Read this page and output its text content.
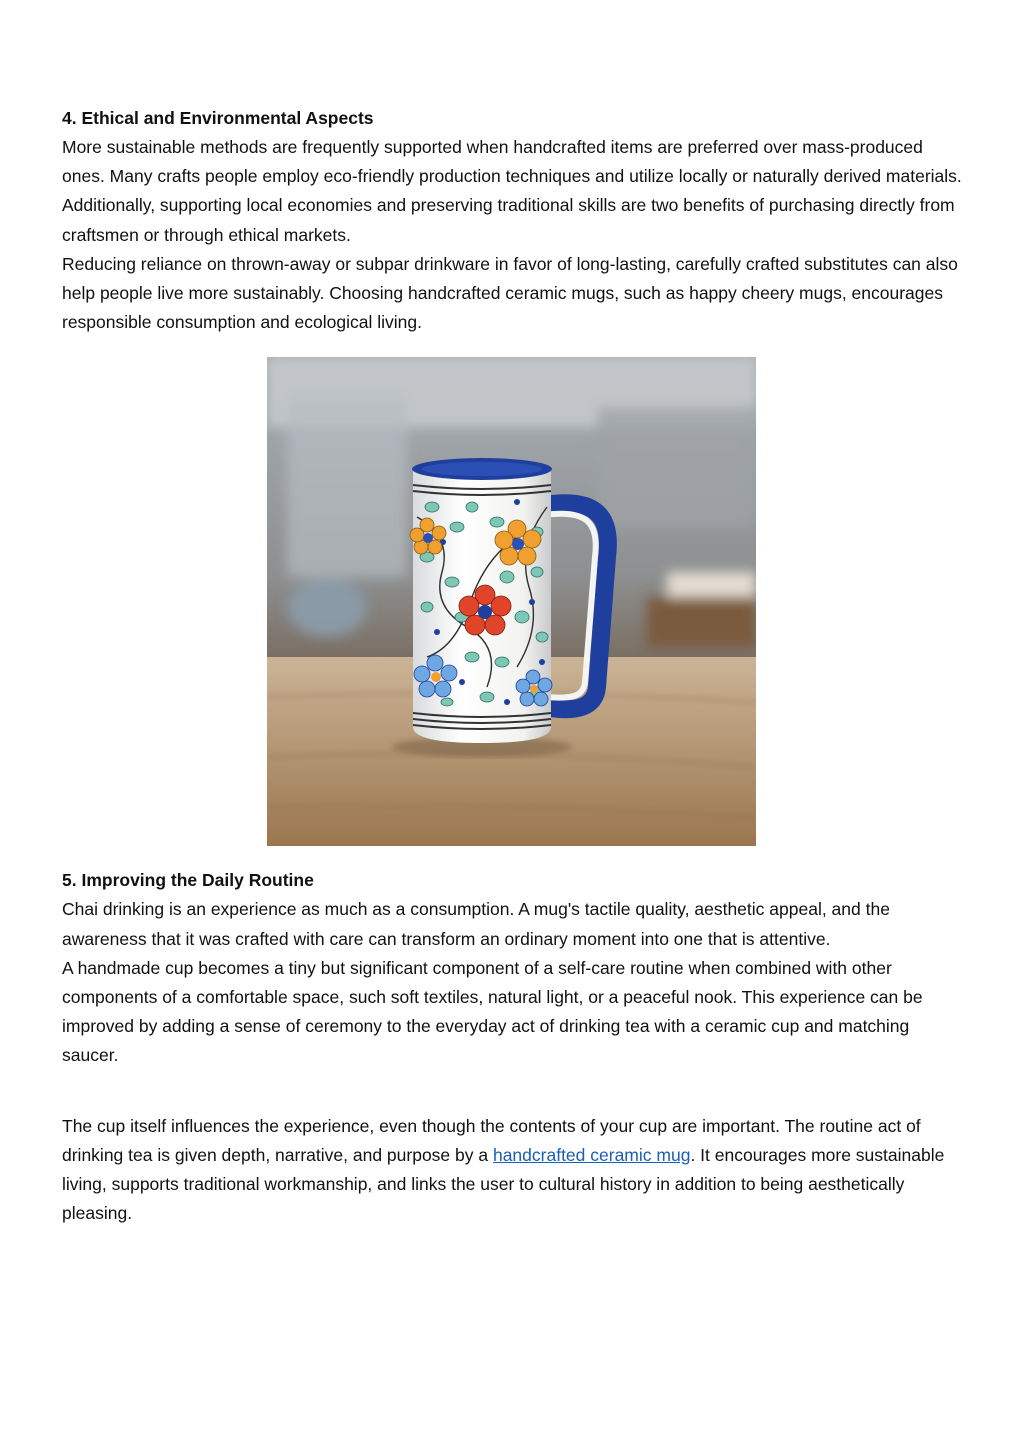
4. Ethical and Environmental Aspects

More sustainable methods are frequently supported when handcrafted items are preferred over mass-produced ones. Many crafts people employ eco-friendly production techniques and utilize locally or naturally derived materials. Additionally, supporting local economies and preserving traditional skills are two benefits of purchasing directly from craftsmen or through ethical markets.

Reducing reliance on thrown-away or subpar drinkware in favor of long-lasting, carefully crafted substitutes can also help people live more sustainably. Choosing handcrafted ceramic mugs, such as happy cheery mugs, encourages responsible consumption and ecological living.

5. Improving the Daily Routine

Chai drinking is an experience as much as a consumption. A mug's tactile quality, aesthetic appeal, and the awareness that it was crafted with care can transform an ordinary moment into one that is attentive.

A handmade cup becomes a tiny but significant component of a self-care routine when combined with other components of a comfortable space, such soft textiles, natural light, or a peaceful nook. This experience can be improved by adding a sense of ceremony to the everyday act of drinking tea with a ceramic cup and matching saucer.

The cup itself influences the experience, even though the contents of your cup are important. The routine act of drinking tea is given depth, narrative, and purpose by a handcrafted ceramic mug. It encourages more sustainable living, supports traditional workmanship, and links the user to cultural history in addition to being aesthetically pleasing.
